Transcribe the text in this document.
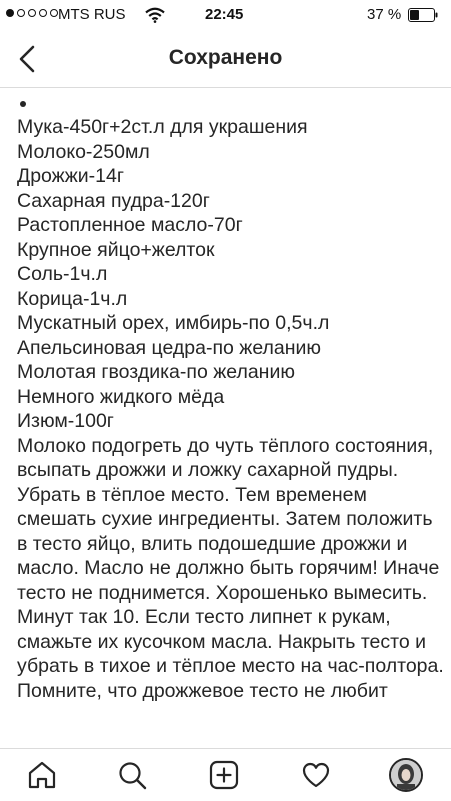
MTS RUS	22:45	37 %
Сохранено
Мука-450г+2ст.л для украшения
Молоко-250мл
Дрожжи-14г
Сахарная пудра-120г
Растопленное масло-70г
Крупное яйцо+желток
Соль-1ч.л
Корица-1ч.л
Мускатный орех, имбирь-по 0,5ч.л
Апельсиновая цедра-по желанию
Молотая гвоздика-по желанию
Немного жидкого мёда
Изюм-100г
Молоко подогреть до чуть тёплого состояния, всыпать дрожжи и ложку сахарной пудры. Убрать в тёплое место. Тем временем смешать сухие ингредиенты. Затем положить в тесто яйцо, влить подошедшие дрожжи и масло. Масло не должно быть горячим! Иначе тесто не поднимется. Хорошенько вымесить. Минут так 10. Если тесто липнет к рукам, смажьте их кусочком масла. Накрыть тесто и убрать в тихое и тёплое место на час-полтора. Помните, что дрожжевое тесто не любит
